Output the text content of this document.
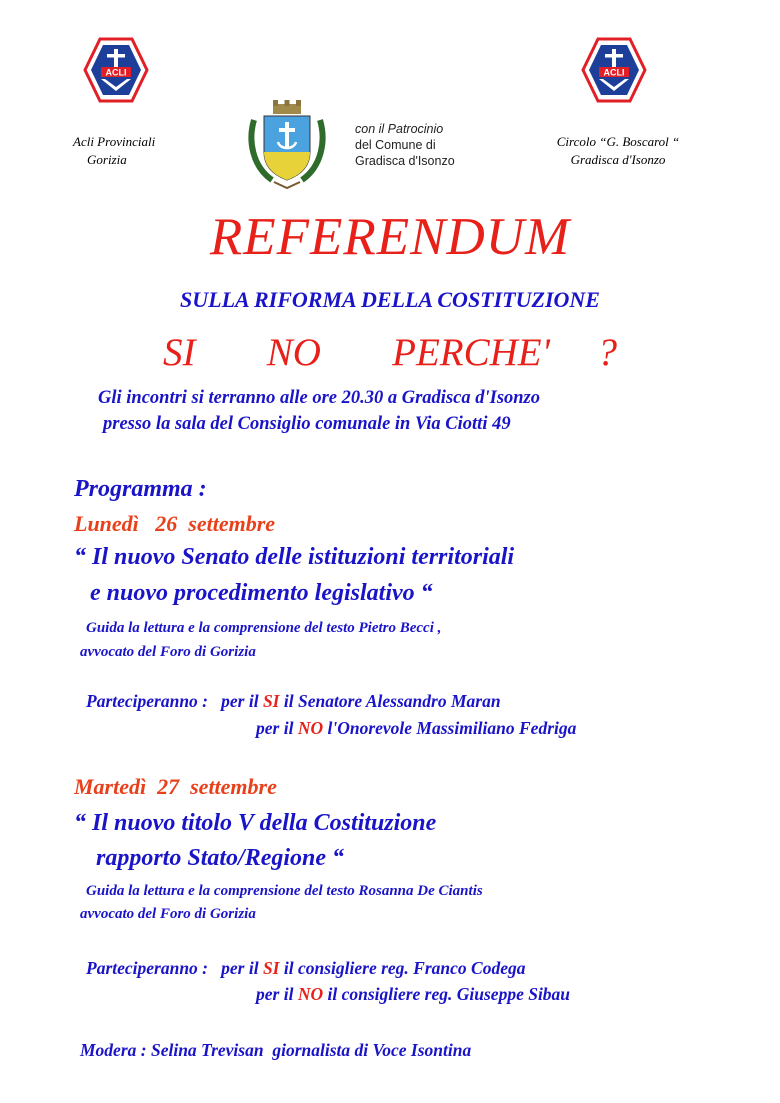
ACLI
Acli Provinciali
Gorizia
con il Patrocinio
del Comune di
Gradisca d'Isonzo
ACLI
Circolo “G. Boscarol “
Gradisca d'Isonzo
REFERENDUM
SULLA RIFORMA DELLA COSTITUZIONE
SI   NO   PERCHE'  ?
Gli incontri si terranno alle ore 20.30 a Gradisca d'Isonzo
presso la sala del Consiglio comunale in Via Ciotti 49
Programma :
Lunedì   26  settembre
“ Il nuovo Senato delle istituzioni territoriali
e nuovo procedimento legislativo “
Guida la lettura e la comprensione del testo Pietro Becci ,
avvocato del Foro di Gorizia
Parteciperanno : per il SI il Senatore Alessandro Maran
per il NO l'Onorevole Massimiliano Fedriga
Martedì  27  settembre
“ Il nuovo titolo V della Costituzione
rapporto Stato/Regione “
Guida la lettura e la comprensione del testo Rosanna De Ciantis
avvocato del Foro di Gorizia
Parteciperanno : per il SI il consigliere reg. Franco Codega
per il NO il consigliere reg. Giuseppe Sibau
Modera : Selina Trevisan  giornalista di Voce Isontina
